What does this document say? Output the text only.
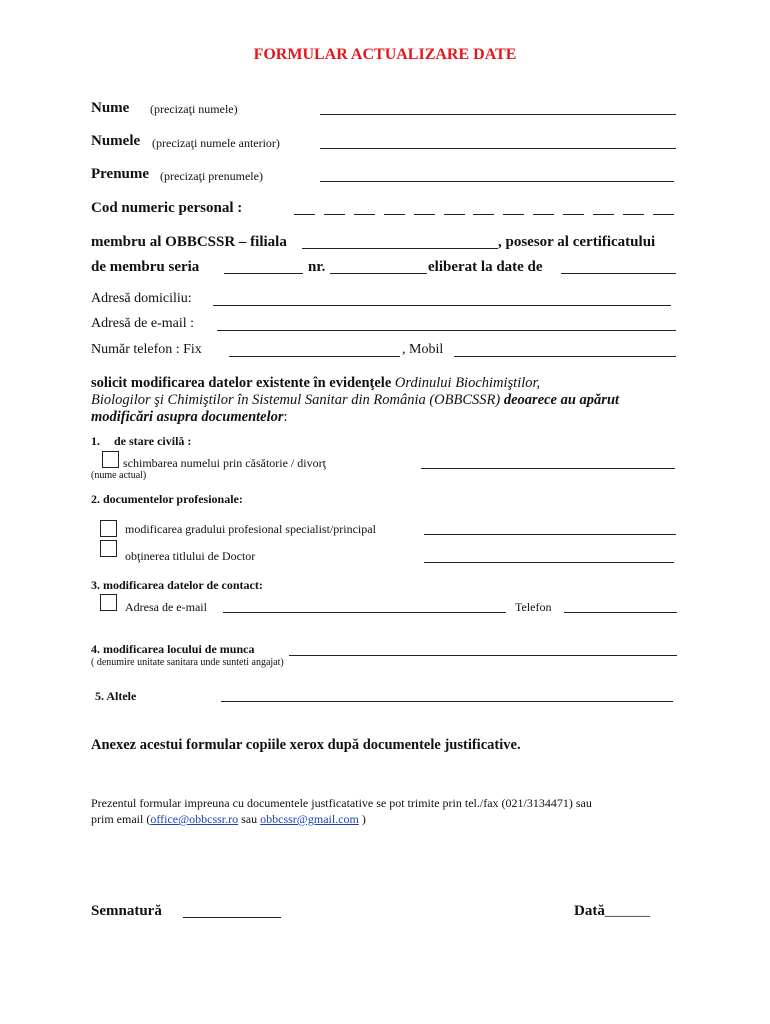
FORMULAR ACTUALIZARE DATE
Nume (precizaţi numele)
Numele (precizaţi numele anterior)
Prenume (precizaţi prenumele)
Cod numeric personal :
membru al OBBCSSR – filiala	, posesor al certificatului
de membru seria	nr.	eliberat la date de
Adresă domiciliu:
Adresă de e-mail :
Număr telefon : Fix	, Mobil
solicit modificarea datelor existente în evidenţele Ordinului Biochimiştilor,
Biologilor şi Chimiştilor în Sistemul Sanitar din România (OBBCSSR) deoarece au apărut
modificări asupra documentelor:
1. de stare civilă :
schimbarea numelui prin căsătorie / divorţ
(nume actual)
2. documentelor profesionale:
modificarea gradului profesional specialist/principal
obţinerea titlului de Doctor
3. modificarea datelor de contact:
Adresa de e-mail	Telefon
4. modificarea locului de munca
( denumire unitate sanitara unde sunteti angajat)
5. Altele
Anexez acestui formular copiile xerox după documentele justificative.
Prezentul formular impreuna cu documentele justficatative se pot trimite prin tel./fax (021/3134471) sau
prim email (office@obbcssr.ro sau obbcssr@gmail.com )
Semnatură	Dată______
